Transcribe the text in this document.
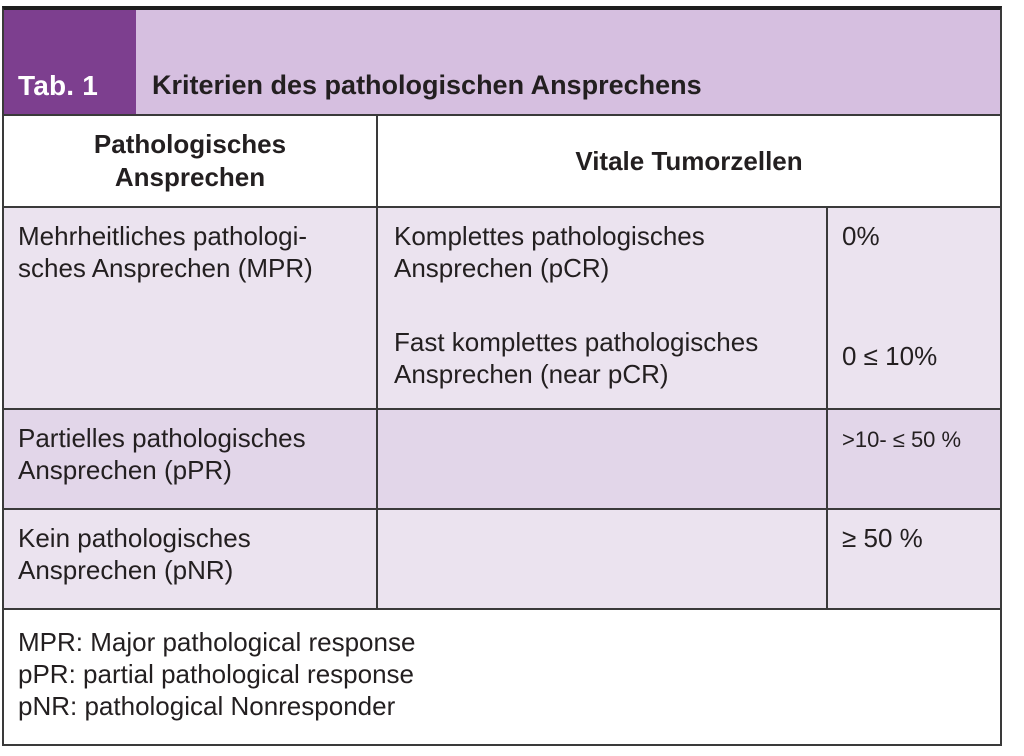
Tab. 1	Kriterien des pathologischen Ansprechens
Pathologisches
Ansprechen
Vitale Tumorzellen
Mehrheitliches pathologi-
sches Ansprechen (MPR)
Komplettes pathologisches
Ansprechen (pCR)
Fast komplettes pathologisches
Ansprechen (near pCR)
0%
0 ≤ 10%
Partielles pathologisches
Ansprechen (pPR)
>10- ≤ 50 %
Kein pathologisches
Ansprechen (pNR)
≥ 50 %
MPR: Major pathological response
pPR: partial pathological response
pNR: pathological Nonresponder
